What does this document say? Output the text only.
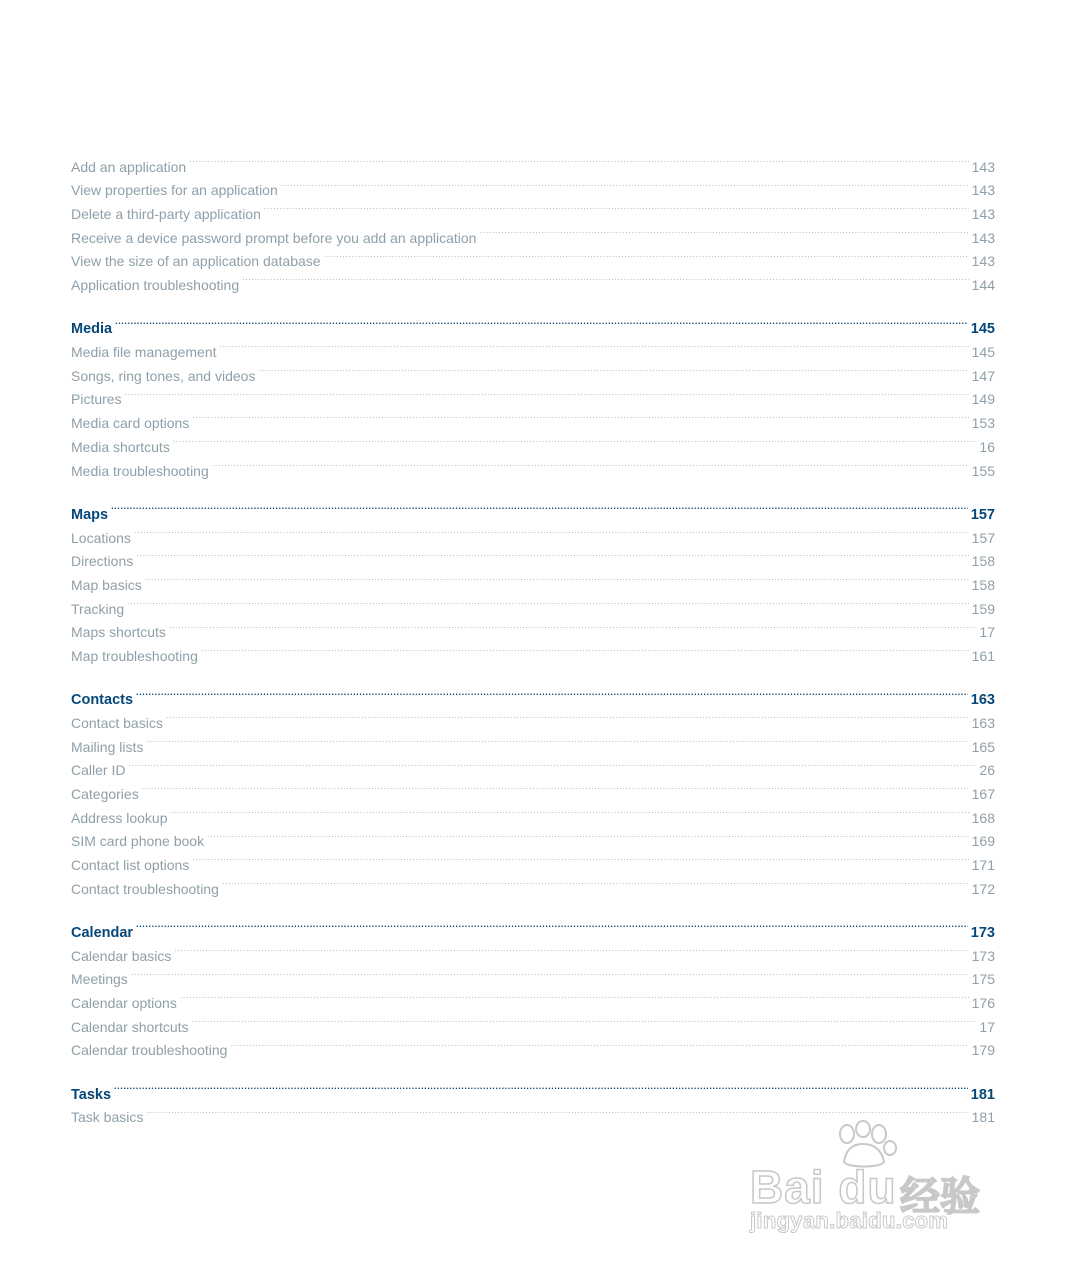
Add an application .....	143
View properties for an application .....	143
Delete a third-party application .....	143
Receive a device password prompt before you add an application .....	143
View the size of an application database .....	143
Application troubleshooting .....	144
Media .....	145
Media file management .....	145
Songs, ring tones, and videos .....	147
Pictures .....	149
Media card options .....	153
Media shortcuts .....	16
Media troubleshooting .....	155
Maps .....	157
Locations .....	157
Directions .....	158
Map basics .....	158
Tracking .....	159
Maps shortcuts .....	17
Map troubleshooting .....	161
Contacts .....	163
Contact basics .....	163
Mailing lists .....	165
Caller ID .....	26
Categories .....	167
Address lookup .....	168
SIM card phone book .....	169
Contact list options .....	171
Contact troubleshooting .....	172
Calendar .....	173
Calendar basics .....	173
Meetings .....	175
Calendar options .....	176
Calendar shortcuts .....	17
Calendar troubleshooting .....	179
Tasks .....	181
Task basics .....	181
Bai du 经验
jingyan.baidu.com
